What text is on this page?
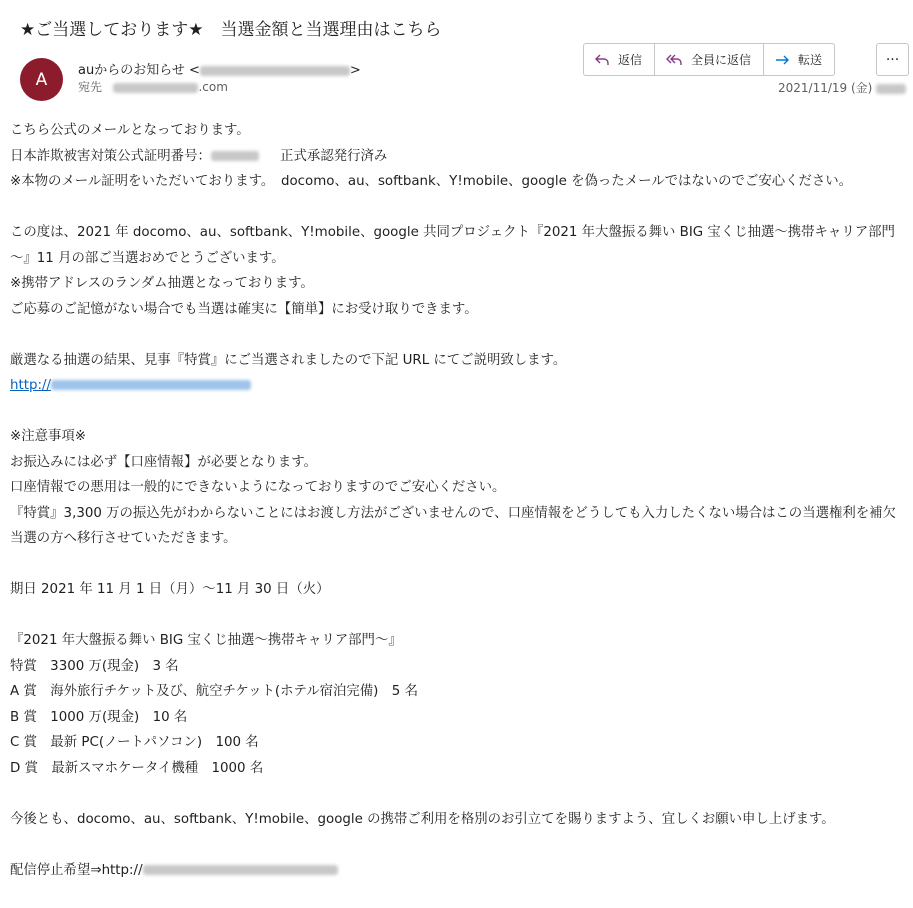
★ご当選しております★　当選金額と当選理由はこちら
A	auからのお知らせ <	>
宛先	.com
返信	全員に返信	転送	···
2021/11/19 (金)

こちら公式のメールとなっております。

日本詐欺被害対策公式証明番号：	正式承認発行済み

※本物のメール証明をいただいております。　docomo、au、softbank、Y!mobile、google を偽ったメールではないのでご安心ください。

この度は、2021 年 docomo、au、softbank、Y!mobile、google 共同プロジェクト『2021 年大盤振る舞い BIG 宝くじ抽選～携帯キャリア部門～』11 月の部ご当選おめでとうございます。

※携帯アドレスのランダム抽選となっております。

ご応募のご記憶がない場合でも当選は確実に【簡単】にお受け取りできます。

厳選なる抽選の結果、見事『特賞』にご当選されましたので下記 URL にてご説明致します。

http://

※注意事項※

お振込みには必ず【口座情報】が必要となります。

口座情報での悪用は一般的にできないようになっておりますのでご安心ください。

『特賞』3,300 万の振込先がわからないことにはお渡し方法がございませんので、口座情報をどうしても入力したくない場合はこの当選権利を補欠当選の方へ移行させていただきます。

期日 2021 年 11 月 1 日（月）～11 月 30 日（火）

『2021 年大盤振る舞い BIG 宝くじ抽選～携帯キャリア部門～』

特賞　3300 万(現金)　3 名

A 賞　海外旅行チケット及び、航空チケット(ホテル宿泊完備)　5 名

B 賞　1000 万(現金)　10 名

C 賞　最新 PC(ノートパソコン)　100 名

D 賞　最新スマホケータイ機種　1000 名

今後とも、docomo、au、softbank、Y!mobile、google の携帯ご利用を格別のお引立てを賜りますよう、宜しくお願い申し上げます。

配信停止希望⇒http://
